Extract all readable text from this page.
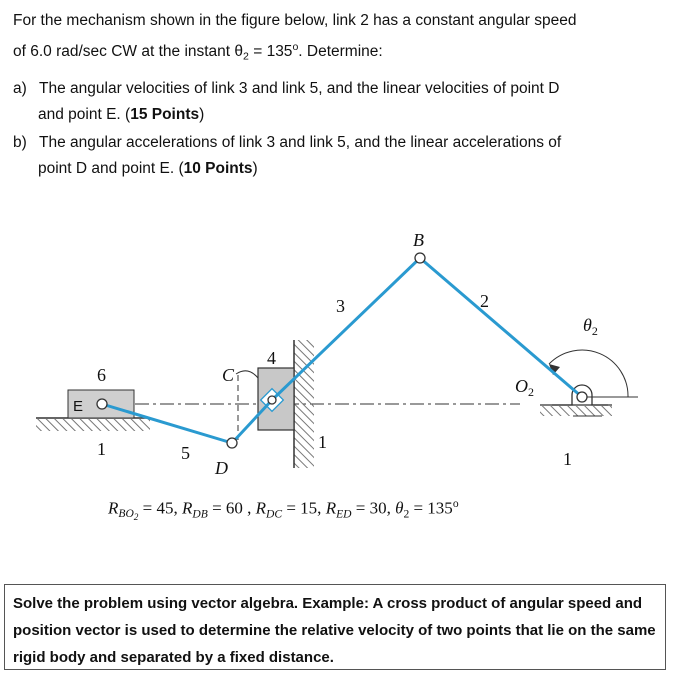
For the mechanism shown in the figure below, link 2 has a constant angular speed
of 6.0 rad/sec CW at the instant $\theta_2 = 135^o$. Determine:
a) The angular velocities of link 3 and link 5, and the linear velocities of point D
and point E. (15 Points)
b) The angular accelerations of link 3 and link 5, and the linear accelerations of
point D and point E. (10 Points)
B
2
3
$\theta_2$
4
C
6
E
$O_2$
1	1
1
5
D
$R_{BO_2} = 45$, $R_{DB} = 60$ , $R_{DC} = 15$, $R_{ED} = 30$, $\theta_2 = 135^o$
Solve the problem using vector algebra. Example: A cross product of angular speed and position vector is used to determine the relative velocity of two points that lie on the same rigid body and separated by a fixed distance.
